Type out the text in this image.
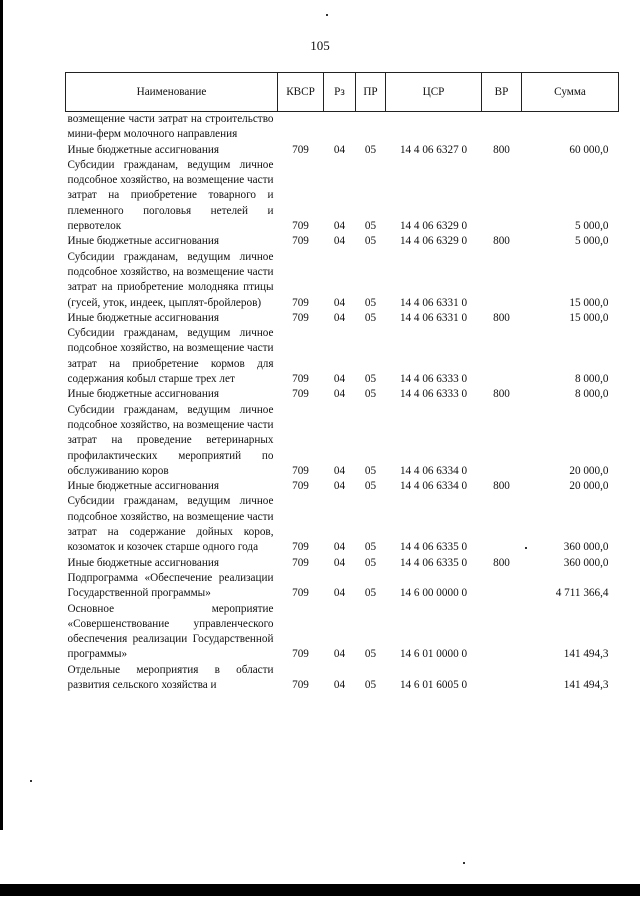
105
Наименование	КВСР	Рз	ПР	ЦСР	ВР	Сумма
возмещение части затрат на строительство мини-ферм молочного направления						
Иные бюджетные ассигнования	709	04	05	14 4 06 6327 0	800	60 000,0
Субсидии гражданам, ведущим личное подсобное хозяйство, на возмещение части затрат на приобретение товарного и племенного поголовья нетелей и первотелок	709	04	05	14 4 06 6329 0		5 000,0
Иные бюджетные ассигнования	709	04	05	14 4 06 6329 0	800	5 000,0
Субсидии гражданам, ведущим личное подсобное хозяйство, на возмещение части затрат на приобретение молодняка птицы (гусей, уток, индеек, цыплят-бройлеров)	709	04	05	14 4 06 6331 0		15 000,0
Иные бюджетные ассигнования	709	04	05	14 4 06 6331 0	800	15 000,0
Субсидии гражданам, ведущим личное подсобное хозяйство, на возмещение части затрат на приобретение кормов для содержания кобыл старше трех лет	709	04	05	14 4 06 6333 0		8 000,0
Иные бюджетные ассигнования	709	04	05	14 4 06 6333 0	800	8 000,0
Субсидии гражданам, ведущим личное подсобное хозяйство, на возмещение части затрат на проведение ветеринарных профилактических мероприятий по обслуживанию коров	709	04	05	14 4 06 6334 0		20 000,0
Иные бюджетные ассигнования	709	04	05	14 4 06 6334 0	800	20 000,0
Субсидии гражданам, ведущим личное подсобное хозяйство, на возмещение части затрат на содержание дойных коров, козоматок и козочек старше одного года	709	04	05	14 4 06 6335 0		360 000,0
Иные бюджетные ассигнования	709	04	05	14 4 06 6335 0	800	360 000,0
Подпрограмма «Обеспечение реализации Государственной программы»	709	04	05	14 6 00 0000 0		4 711 366,4
Основное мероприятие «Совершенствование управленческого обеспечения реализации Государственной программы»	709	04	05	14 6 01 0000 0		141 494,3
Отдельные мероприятия в области развития сельского хозяйства и	709	04	05	14 6 01 6005 0		141 494,3
